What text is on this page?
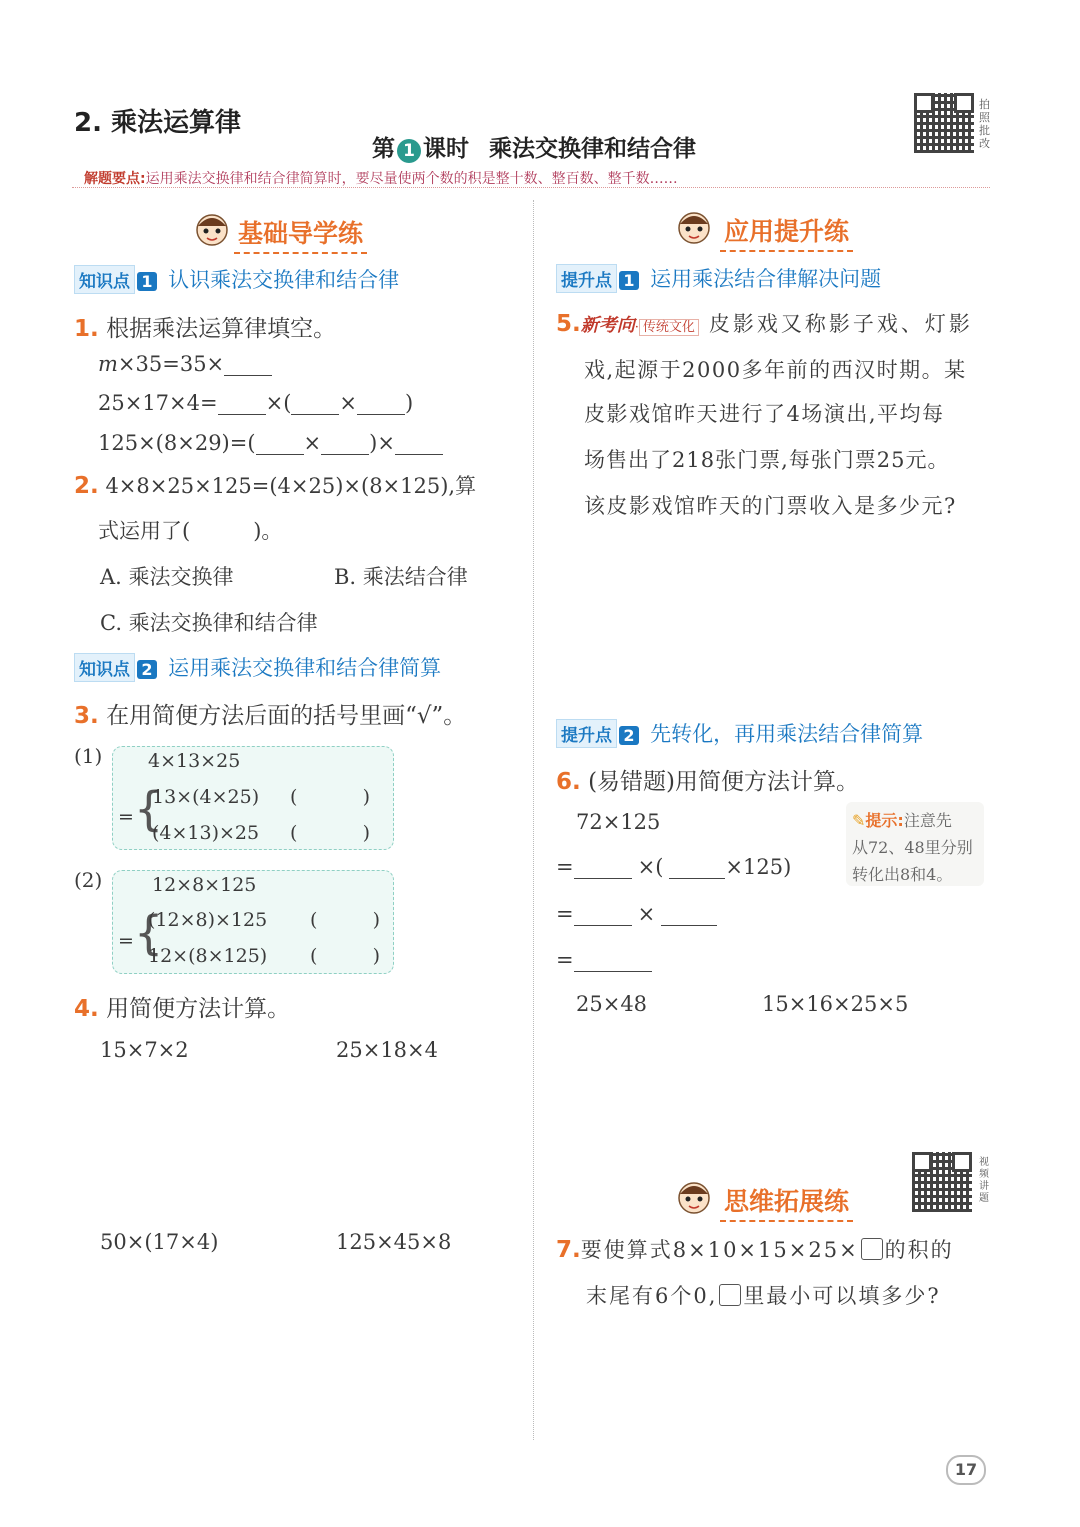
2. 乘法运算律
第 1 课时 乘法交换律和结合律
拍照批改
解题要点:运用乘法交换律和结合律简算时，要尽量使两个数的积是整十数、整百数、整千数……
基础导学练
知识点 1 认识乘法交换律和结合律
1. 根据乘法运算律填空。
m×35=35×
25×17×4= ×( × )
125×(8×29)=( × )×
2. 4×8×25×125=(4×25)×(8×125),算
式运用了(　　　)。
A. 乘法交换律	B. 乘法结合律
C. 乘法交换律和结合律
知识点 2 运用乘法交换律和结合律简算
3. 在用简便方法后面的括号里画“√”。
(1) 4×13×25
= {
13×(4×25) (	)
(4×13)×25 (	)
(2)	12×8×125
= {
(12×8)×125 (	)
12×(8×125) (	)
4. 用简便方法计算。
15×7×2	25×18×4
50×(17×4)	125×45×8
应用提升练
提升点 1 运用乘法结合律解决问题
5.新考向· 传统文化 皮影戏又称影子戏、灯影
戏,起源于2000多年前的西汉时期。某
皮影戏馆昨天进行了4场演出,平均每
场售出了218张门票,每张门票25元。
该皮影戏馆昨天的门票收入是多少元?
提升点 2 先转化，再用乘法结合律简算
6. (易错题)用简便方法计算。
72×125
=	×(	×125)
=	×
=
✎提示:注意先
从72、48里分别
转化出8和4。
25×48	15×16×25×5
思维拓展练
视频讲题
7.要使算式8×10×15×25× 的积的
末尾有6个0, 里最小可以填多少?
17
